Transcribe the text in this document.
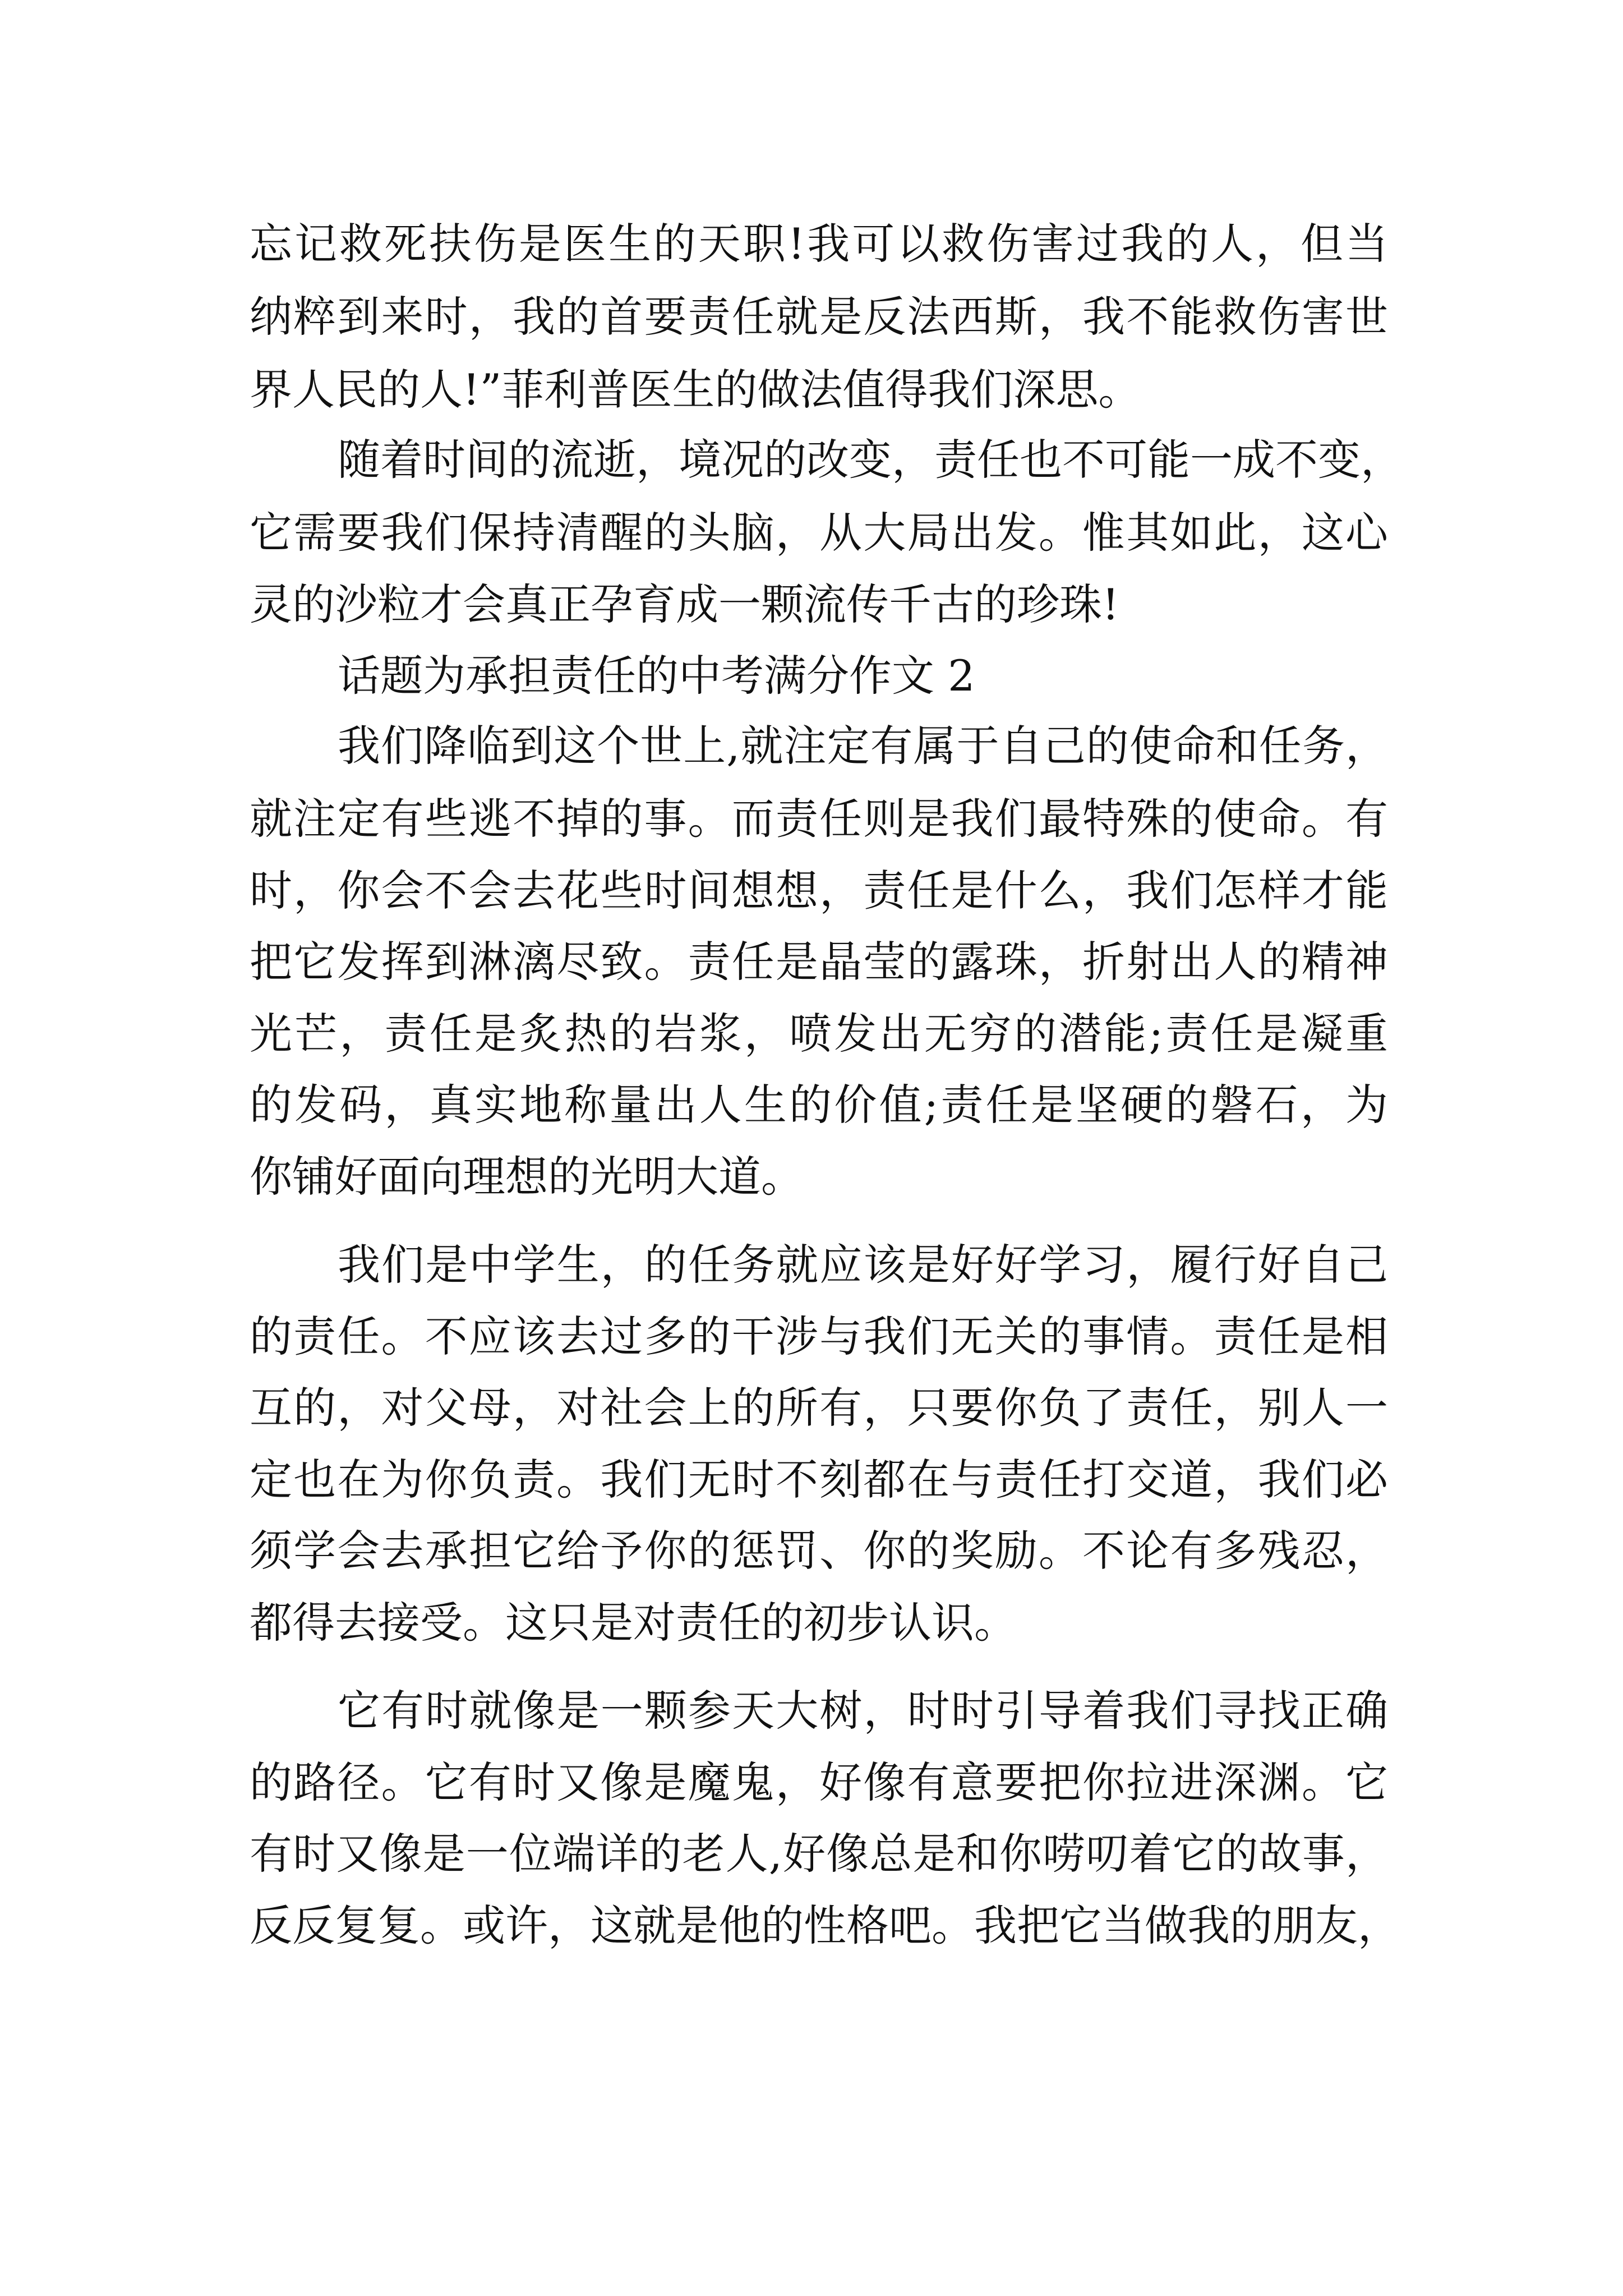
忘记救死扶伤是医生的天职!我可以救伤害过我的人，但当
纳粹到来时，我的首要责任就是反法西斯，我不能救伤害世
界人民的人!”菲利普医生的做法值得我们深思。
随着时间的流逝，境况的改变，责任也不可能一成不变，
它需要我们保持清醒的头脑，从大局出发。惟其如此，这心
灵的沙粒才会真正孕育成一颗流传千古的珍珠!
话题为承担责任的中考满分作文 2
我们降临到这个世上,就注定有属于自己的使命和任务，
就注定有些逃不掉的事。而责任则是我们最特殊的使命。有
时，你会不会去花些时间想想，责任是什么，我们怎样才能
把它发挥到淋漓尽致。责任是晶莹的露珠，折射出人的精神
光芒，责任是炙热的岩浆，喷发出无穷的潜能;责任是凝重
的发码，真实地称量出人生的价值;责任是坚硬的磐石，为
你铺好面向理想的光明大道。
我们是中学生，的任务就应该是好好学习，履行好自己
的责任。不应该去过多的干涉与我们无关的事情。责任是相
互的，对父母，对社会上的所有，只要你负了责任，别人一
定也在为你负责。我们无时不刻都在与责任打交道，我们必
须学会去承担它给予你的惩罚、你的奖励。不论有多残忍，
都得去接受。这只是对责任的初步认识。
它有时就像是一颗参天大树，时时引导着我们寻找正确
的路径。它有时又像是魔鬼，好像有意要把你拉进深渊。它
有时又像是一位端详的老人,好像总是和你唠叨着它的故事，
反反复复。或许，这就是他的性格吧。我把它当做我的朋友，
